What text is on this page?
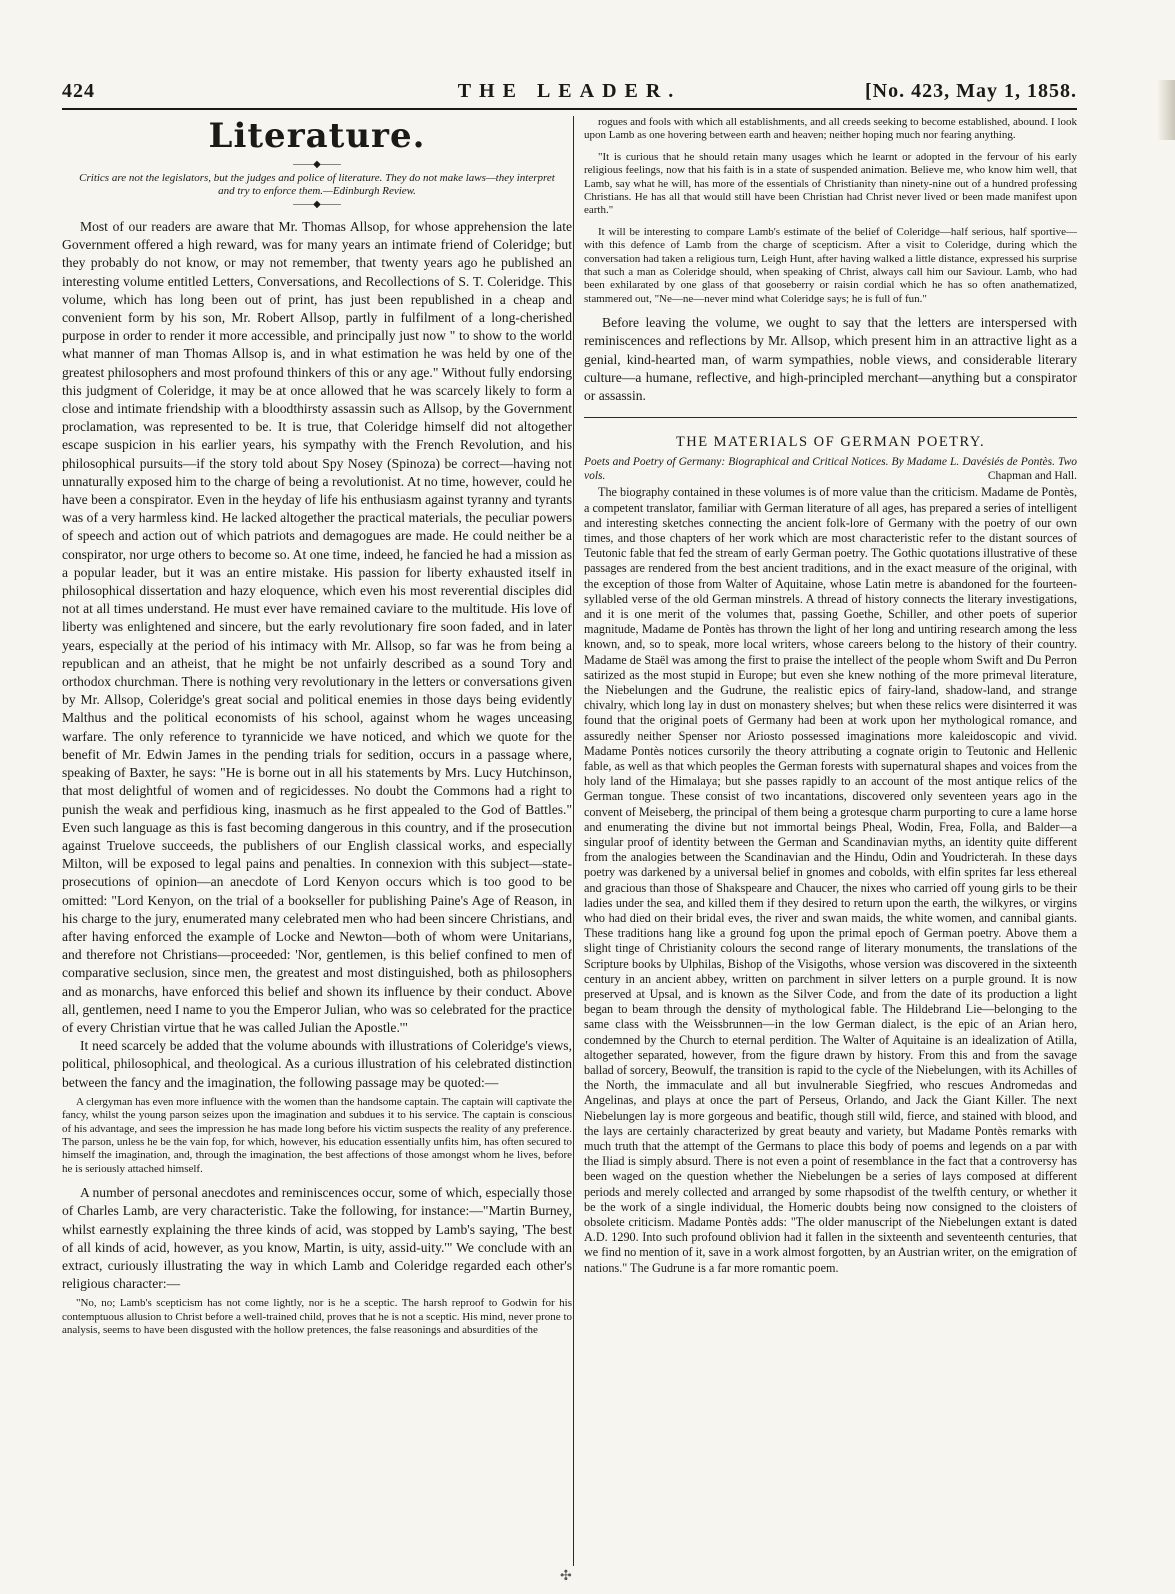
424	THE LEADER.	[No. 423, May 1, 1858.
Literature.
——◆——

Critics are not the legislators, but the judges and police of literature. They do not make laws—they interpret and try to enforce them.—Edinburgh Review.

——◆——

Most of our readers are aware that Mr. Thomas Allsop, for whose apprehension the late Government offered a high reward, was for many years an intimate friend of Coleridge; but they probably do not know, or may not remember, that twenty years ago he published an interesting volume entitled Letters, Conversations, and Recollections of S. T. Coleridge. This volume, which has long been out of print, has just been republished in a cheap and convenient form by his son, Mr. Robert Allsop, partly in fulfilment of a long-cherished purpose in order to render it more accessible, and principally just now " to show to the world what manner of man Thomas Allsop is, and in what estimation he was held by one of the greatest philosophers and most profound thinkers of this or any age." Without fully endorsing this judgment of Coleridge, it may be at once allowed that he was scarcely likely to form a close and intimate friendship with a bloodthirsty assassin such as Allsop, by the Government proclamation, was represented to be. It is true, that Coleridge himself did not altogether escape suspicion in his earlier years, his sympathy with the French Revolution, and his philosophical pursuits—if the story told about Spy Nosey (Spinoza) be correct—having not unnaturally exposed him to the charge of being a revolutionist. At no time, however, could he have been a conspirator. Even in the heyday of life his enthusiasm against tyranny and tyrants was of a very harmless kind. He lacked altogether the practical materials, the peculiar powers of speech and action out of which patriots and demagogues are made. He could neither be a conspirator, nor urge others to become so. At one time, indeed, he fancied he had a mission as a popular leader, but it was an entire mistake. His passion for liberty exhausted itself in philosophical dissertation and hazy eloquence, which even his most reverential disciples did not at all times understand. He must ever have remained caviare to the multitude. His love of liberty was enlightened and sincere, but the early revolutionary fire soon faded, and in later years, especially at the period of his intimacy with Mr. Allsop, so far was he from being a republican and an atheist, that he might be not unfairly described as a sound Tory and orthodox churchman. There is nothing very revolutionary in the letters or conversations given by Mr. Allsop, Coleridge's great social and political enemies in those days being evidently Malthus and the political economists of his school, against whom he wages unceasing warfare. The only reference to tyrannicide we have noticed, and which we quote for the benefit of Mr. Edwin James in the pending trials for sedition, occurs in a passage where, speaking of Baxter, he says: "He is borne out in all his statements by Mrs. Lucy Hutchinson, that most delightful of women and of regicidesses. No doubt the Commons had a right to punish the weak and perfidious king, inasmuch as he first appealed to the God of Battles." Even such language as this is fast becoming dangerous in this country, and if the prosecution against Truelove succeeds, the publishers of our English classical works, and especially Milton, will be exposed to legal pains and penalties. In connexion with this subject—state-prosecutions of opinion—an anecdote of Lord Kenyon occurs which is too good to be omitted: "Lord Kenyon, on the trial of a bookseller for publishing Paine's Age of Reason, in his charge to the jury, enumerated many celebrated men who had been sincere Christians, and after having enforced the example of Locke and Newton—both of whom were Unitarians, and therefore not Christians—proceeded: 'Nor, gentlemen, is this belief confined to men of comparative seclusion, since men, the greatest and most distinguished, both as philosophers and as monarchs, have enforced this belief and shown its influence by their conduct. Above all, gentlemen, need I name to you the Emperor Julian, who was so celebrated for the practice of every Christian virtue that he was called Julian the Apostle.'"

It need scarcely be added that the volume abounds with illustrations of Coleridge's views, political, philosophical, and theological. As a curious illustration of his celebrated distinction between the fancy and the imagination, the following passage may be quoted:—

A clergyman has even more influence with the women than the handsome captain. The captain will captivate the fancy, whilst the young parson seizes upon the imagination and subdues it to his service. The captain is conscious of his advantage, and sees the impression he has made long before his victim suspects the reality of any preference. The parson, unless he be the vain fop, for which, however, his education essentially unfits him, has often secured to himself the imagination, and, through the imagination, the best affections of those amongst whom he lives, before he is seriously attached himself.

A number of personal anecdotes and reminiscences occur, some of which, especially those of Charles Lamb, are very characteristic. Take the following, for instance:—"Martin Burney, whilst earnestly explaining the three kinds of acid, was stopped by Lamb's saying, 'The best of all kinds of acid, however, as you know, Martin, is uity, assid-uity.'" We conclude with an extract, curiously illustrating the way in which Lamb and Coleridge regarded each other's religious character:—

"No, no; Lamb's scepticism has not come lightly, nor is he a sceptic. The harsh reproof to Godwin for his contemptuous allusion to Christ before a well-trained child, proves that he is not a sceptic. His mind, never prone to analysis, seems to have been disgusted with the hollow pretences, the false reasonings and absurdities of the

rogues and fools with which all establishments, and all creeds seeking to become established, abound. I look upon Lamb as one hovering between earth and heaven; neither hoping much nor fearing anything.

"It is curious that he should retain many usages which he learnt or adopted in the fervour of his early religious feelings, now that his faith is in a state of suspended animation. Believe me, who know him well, that Lamb, say what he will, has more of the essentials of Christianity than ninety-nine out of a hundred professing Christians. He has all that would still have been Christian had Christ never lived or been made manifest upon earth."

It will be interesting to compare Lamb's estimate of the belief of Coleridge—half serious, half sportive—with this defence of Lamb from the charge of scepticism. After a visit to Coleridge, during which the conversation had taken a religious turn, Leigh Hunt, after having walked a little distance, expressed his surprise that such a man as Coleridge should, when speaking of Christ, always call him our Saviour. Lamb, who had been exhilarated by one glass of that gooseberry or raisin cordial which he has so often anathematized, stammered out, "Ne—ne—never mind what Coleridge says; he is full of fun."

Before leaving the volume, we ought to say that the letters are interspersed with reminiscences and reflections by Mr. Allsop, which present him in an attractive light as a genial, kind-hearted man, of warm sympathies, noble views, and considerable literary culture—a humane, reflective, and high-principled merchant—anything but a conspirator or assassin.

THE MATERIALS OF GERMAN POETRY.

Poets and Poetry of Germany: Biographical and Critical Notices. By Madame L. Davésiés de Pontès. Two vols.	Chapman and Hall.

The biography contained in these volumes is of more value than the criticism. Madame de Pontès, a competent translator, familiar with German literature of all ages, has prepared a series of intelligent and interesting sketches connecting the ancient folk-lore of Germany with the poetry of our own times, and those chapters of her work which are most characteristic refer to the distant sources of Teutonic fable that fed the stream of early German poetry. The Gothic quotations illustrative of these passages are rendered from the best ancient traditions, and in the exact measure of the original, with the exception of those from Walter of Aquitaine, whose Latin metre is abandoned for the fourteen-syllabled verse of the old German minstrels. A thread of history connects the literary investigations, and it is one merit of the volumes that, passing Goethe, Schiller, and other poets of superior magnitude, Madame de Pontès has thrown the light of her long and untiring research among the less known, and, so to speak, more local writers, whose careers belong to the history of their country. Madame de Staël was among the first to praise the intellect of the people whom Swift and Du Perron satirized as the most stupid in Europe; but even she knew nothing of the more primeval literature, the Niebelungen and the Gudrune, the realistic epics of fairy-land, shadow-land, and strange chivalry, which long lay in dust on monastery shelves; but when these relics were disinterred it was found that the original poets of Germany had been at work upon her mythological romance, and assuredly neither Spenser nor Ariosto possessed imaginations more kaleidoscopic and vivid. Madame Pontès notices cursorily the theory attributing a cognate origin to Teutonic and Hellenic fable, as well as that which peoples the German forests with supernatural shapes and voices from the holy land of the Himalaya; but she passes rapidly to an account of the most antique relics of the German tongue. These consist of two incantations, discovered only seventeen years ago in the convent of Meiseberg, the principal of them being a grotesque charm purporting to cure a lame horse and enumerating the divine but not immortal beings Pheal, Wodin, Frea, Folla, and Balder—a singular proof of identity between the German and Scandinavian myths, an identity quite different from the analogies between the Scandinavian and the Hindu, Odin and Youdricterah. In these days poetry was darkened by a universal belief in gnomes and cobolds, with elfin sprites far less ethereal and gracious than those of Shakspeare and Chaucer, the nixes who carried off young girls to be their ladies under the sea, and killed them if they desired to return upon the earth, the wilkyres, or virgins who had died on their bridal eves, the river and swan maids, the white women, and cannibal giants. These traditions hang like a ground fog upon the primal epoch of German poetry. Above them a slight tinge of Christianity colours the second range of literary monuments, the translations of the Scripture books by Ulphilas, Bishop of the Visigoths, whose version was discovered in the sixteenth century in an ancient abbey, written on parchment in silver letters on a purple ground. It is now preserved at Upsal, and is known as the Silver Code, and from the date of its production a light began to beam through the density of mythological fable. The Hildebrand Lie—belonging to the same class with the Weissbrunnen—in the low German dialect, is the epic of an Arian hero, condemned by the Church to eternal perdition. The Walter of Aquitaine is an idealization of Atilla, altogether separated, however, from the figure drawn by history. From this and from the savage ballad of sorcery, Beowulf, the transition is rapid to the cycle of the Niebelungen, with its Achilles of the North, the immaculate and all but invulnerable Siegfried, who rescues Andromedas and Angelinas, and plays at once the part of Perseus, Orlando, and Jack the Giant Killer. The next Niebelungen lay is more gorgeous and beatific, though still wild, fierce, and stained with blood, and the lays are certainly characterized by great beauty and variety, but Madame Pontès remarks with much truth that the attempt of the Germans to place this body of poems and legends on a par with the Iliad is simply absurd. There is not even a point of resemblance in the fact that a controversy has been waged on the question whether the Niebelungen be a series of lays composed at different periods and merely collected and arranged by some rhapsodist of the twelfth century, or whether it be the work of a single individual, the Homeric doubts being now consigned to the cloisters of obsolete criticism. Madame Pontès adds: "The older manuscript of the Niebelungen extant is dated A.D. 1290. Into such profound oblivion had it fallen in the sixteenth and seventeenth centuries, that we find no mention of it, save in a work almost forgotten, by an Austrian writer, on the emigration of nations." The Gudrune is a far more romantic poem.

✣
